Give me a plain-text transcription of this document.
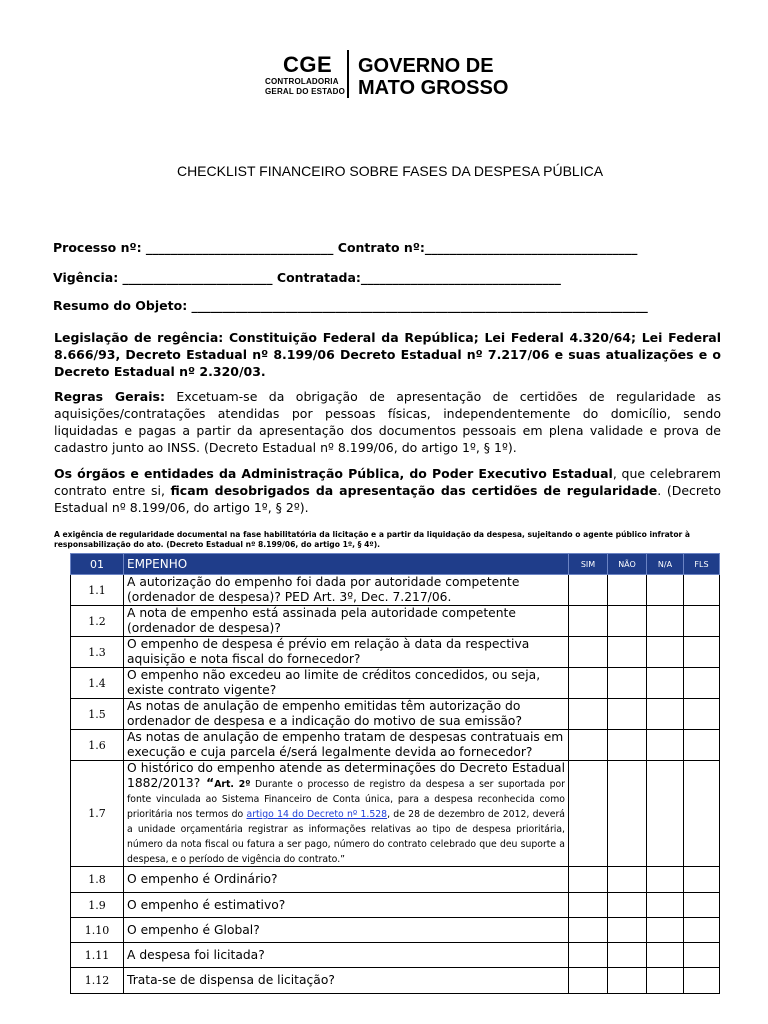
CGE
CONTROLADORIA
GERAL DO ESTADO
GOVERNO DE
MATO GROSSO
CHECKLIST FINANCEIRO SOBRE FASES DA DESPESA PÚBLICA
Processo nº: ______________________________ Contrato nº:__________________________________
Vigência: ________________________ Contratada:________________________________
Resumo do Objeto: _________________________________________________________________________
Legislação de regência: Constituição Federal da República; Lei Federal 4.320/64; Lei Federal 8.666/93, Decreto Estadual nº 8.199/06 Decreto Estadual nº 7.217/06 e suas atualizações e o Decreto Estadual nº 2.320/03.
Regras Gerais: Excetuam-se da obrigação de apresentação de certidões de regularidade as aquisições/contratações atendidas por pessoas físicas, independentemente do domicílio, sendo liquidadas e pagas a partir da apresentação dos documentos pessoais em plena validade e prova de cadastro junto ao INSS. (Decreto Estadual nº 8.199/06, do artigo 1º, § 1º).
Os órgãos e entidades da Administração Pública, do Poder Executivo Estadual, que celebrarem contrato entre si, ficam desobrigados da apresentação das certidões de regularidade. (Decreto Estadual nº 8.199/06, do artigo 1º, § 2º).
A exigência de regularidade documental na fase habilitatória da licitação e a partir da liquidação da despesa, sujeitando o agente público infrator à responsabilização do ato. (Decreto Estadual nº 8.199/06, do artigo 1º, § 4º).
01	EMPENHO	SIM	NÃO	N/A	FLS
1.1	A autorização do empenho foi dada por autoridade competente (ordenador de despesa)? PED Art. 3º, Dec. 7.217/06.				
1.2	A nota de empenho está assinada pela autoridade competente (ordenador de despesa)?				
1.3	O empenho de despesa é prévio em relação à data da respectiva aquisição e nota fiscal do fornecedor?				
1.4	O empenho não excedeu ao limite de créditos concedidos, ou seja, existe contrato vigente?				
1.5	As notas de anulação de empenho emitidas têm autorização do ordenador de despesa e a indicação do motivo de sua emissão?				
1.6	As notas de anulação de empenho tratam de despesas contratuais em execução e cuja parcela é/será legalmente devida ao fornecedor?				
1.7	O histórico do empenho atende as determinações do Decreto Estadual 1882/2013? “Art. 2º Durante o processo de registro da despesa a ser suportada por fonte vinculada ao Sistema Financeiro de Conta única, para a despesa reconhecida como prioritária nos termos do artigo 14 do Decreto nº 1.528, de 28 de dezembro de 2012, deverá a unidade orçamentária registrar as informações relativas ao tipo de despesa prioritária, número da nota fiscal ou fatura a ser pago, número do contrato celebrado que deu suporte a despesa, e o período de vigência do contrato.”				
1.8	O empenho é Ordinário?				
1.9	O empenho é estimativo?				
1.10	O empenho é Global?				
1.11	A despesa foi licitada?				
1.12	Trata-se de dispensa de licitação?				
